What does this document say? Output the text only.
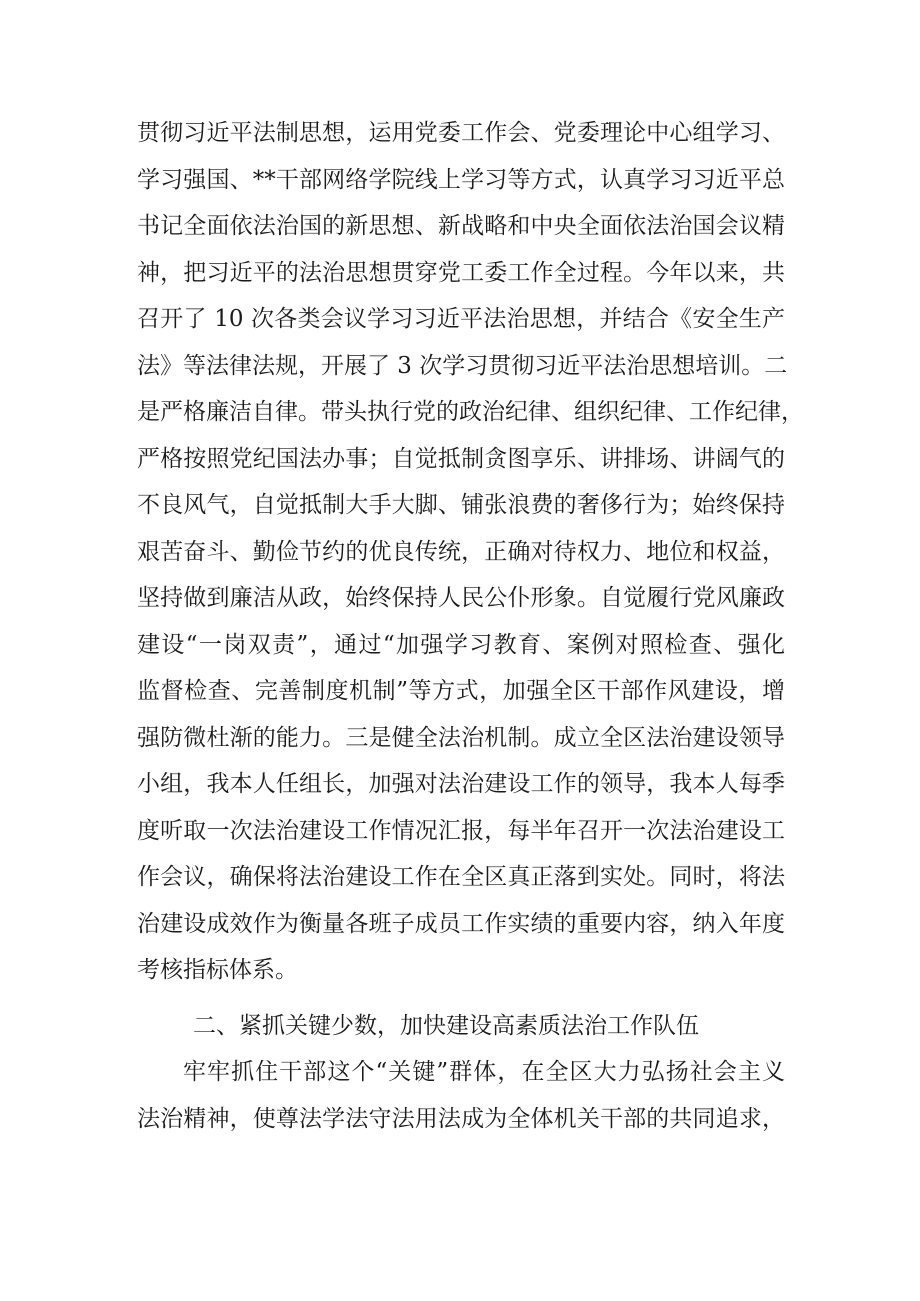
贯彻习近平法制思想，运用党委工作会、党委理论中心组学习、
学习强国、**干部网络学院线上学习等方式，认真学习习近平总
书记全面依法治国的新思想、新战略和中央全面依法治国会议精
神，把习近平的法治思想贯穿党工委工作全过程。今年以来，共
召开了 10 次各类会议学习习近平法治思想，并结合《安全生产
法》等法律法规，开展了 3 次学习贯彻习近平法治思想培训。二
是严格廉洁自律。带头执行党的政治纪律、组织纪律、工作纪律，
严格按照党纪国法办事；自觉抵制贪图享乐、讲排场、讲阔气的
不良风气，自觉抵制大手大脚、铺张浪费的奢侈行为；始终保持
艰苦奋斗、勤俭节约的优良传统，正确对待权力、地位和权益，
坚持做到廉洁从政，始终保持人民公仆形象。自觉履行党风廉政
建设“一岗双责”，通过“加强学习教育、案例对照检查、强化
监督检查、完善制度机制”等方式，加强全区干部作风建设，增
强防微杜渐的能力。三是健全法治机制。成立全区法治建设领导
小组，我本人任组长，加强对法治建设工作的领导，我本人每季
度听取一次法治建设工作情况汇报，每半年召开一次法治建设工
作会议，确保将法治建设工作在全区真正落到实处。同时，将法
治建设成效作为衡量各班子成员工作实绩的重要内容，纳入年度
考核指标体系。
二、紧抓关键少数，加快建设高素质法治工作队伍
牢牢抓住干部这个“关键”群体，在全区大力弘扬社会主义
法治精神，使尊法学法守法用法成为全体机关干部的共同追求，
